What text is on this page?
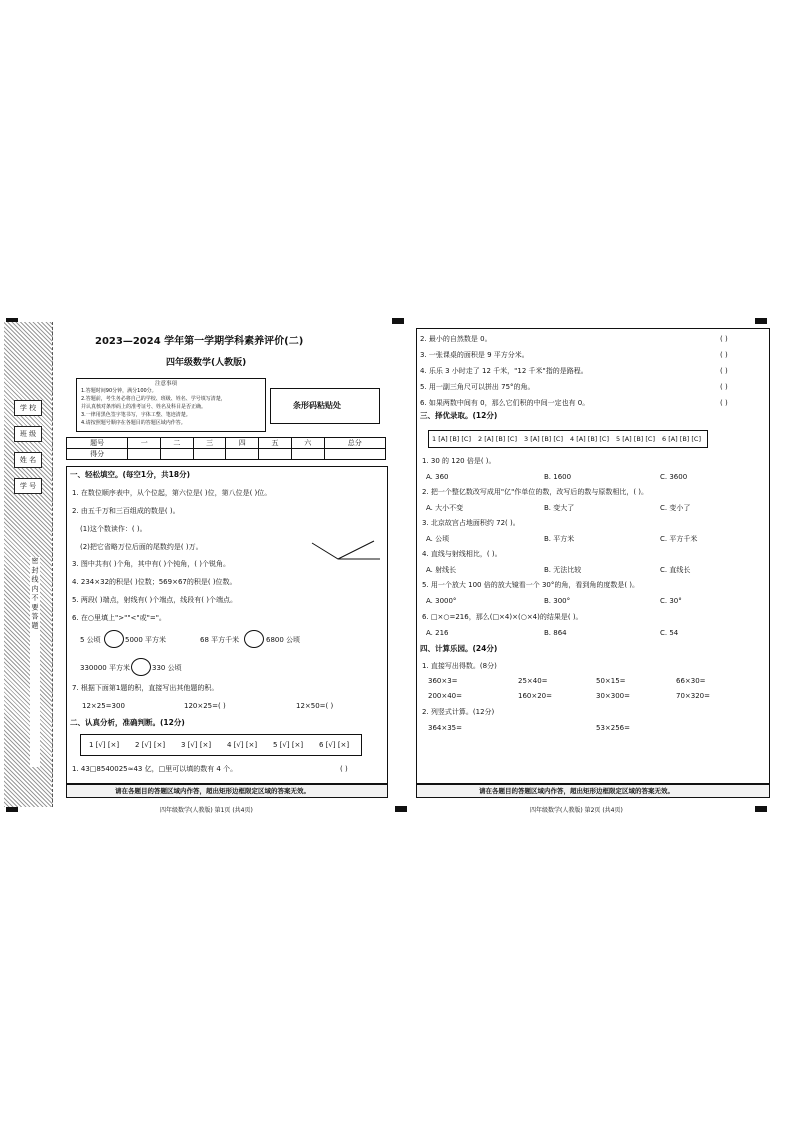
学 校
班 级
姓 名
学 号
密 封 线 内 不 要 答 题
2023—2024 学年第一学期学科素养评价(二)
四年级数学(人教版)
注意事项
1.答题时间90分钟，满分100分。
2.答题前，考生务必将自己的学校、班级、姓名、学号填写清楚，
并认真核对条形码上的准考证号、姓名及科目是否正确。
3.一律用黑色签字笔书写，字体工整、笔迹清楚。
4.请按照题号顺序在各题目的答题区域内作答。
条形码粘贴处
题号	一	二	三	四	五	六	总分
得分							
一、轻松填空。(每空1分，共18分)
1. 在数位顺序表中，从个位起，第六位是( )位，第八位是( )位。
2. 由五千万和三百组成的数是( )。
(1)这个数读作：( )。
(2)把它省略万位后面的尾数约是( )万。
3. 图中共有( )个角，其中有( )个钝角，( )个锐角。
4. 234×32的积是( )位数；569×67的积是( )位数。
5. 两段( )端点，射线有( )个端点，线段有( )个端点。
6. 在○里填上">""<"或"="。
5 公顷	5000 平方米	68 平方千米	6800 公顷
330000 平方米	330 公顷
7. 根据下面第1题的积，直接写出其他题的积。
12×25=300	120×25=( )	12×50=( )
二、认真分析，准确判断。(12分)
1 [√] [×] 2 [√] [×] 3 [√] [×] 4 [√] [×] 5 [√] [×] 6 [√] [×]
1. 43□8540025≈43 亿，□里可以填的数有 4 个。	( )
请在各题目的答题区域内作答，超出矩形边框限定区域的答案无效。
四年级数学(人教版) 第1页 (共4页)
2. 最小的自然数是 0。	( )
3. 一张课桌的面积是 9 平方分米。	( )
4. 乐乐 3 小时走了 12 千米，"12 千米"指的是路程。	( )
5. 用一副三角尺可以拼出 75°的角。	( )
6. 如果两数中间有 0，那么它们积的中间一定也有 0。	( )
三、择优录取。(12分)
1 [A] [B] [C] 2 [A] [B] [C] 3 [A] [B] [C] 4 [A] [B] [C] 5 [A] [B] [C] 6 [A] [B] [C]
1. 30 的 120 倍是( )。
A. 360	B. 1600	C. 3600
2. 把一个整亿数改写成用"亿"作单位的数，改写后的数与原数相比，( )。
A. 大小不变	B. 变大了	C. 变小了
3. 北京故宫占地面积约 72( )。
A. 公顷	B. 平方米	C. 平方千米
4. 直线与射线相比，( )。
A. 射线长	B. 无法比较	C. 直线长
5. 用一个放大 100 倍的放大镜看一个 30°的角，看到角的度数是( )。
A. 3000°	B. 300°	C. 30°
6. □×○=216，那么(□×4)×(○×4)的结果是( )。
A. 216	B. 864	C. 54
四、计算乐园。(24分)
1. 直接写出得数。(8分)
360×3=	25×40=	50×15=	66×30=
200×40=	160×20=	30×300=	70×320=
2. 列竖式计算。(12分)
364×35=	53×256=
请在各题目的答题区域内作答，超出矩形边框限定区域的答案无效。
四年级数学(人教版) 第2页 (共4页)
